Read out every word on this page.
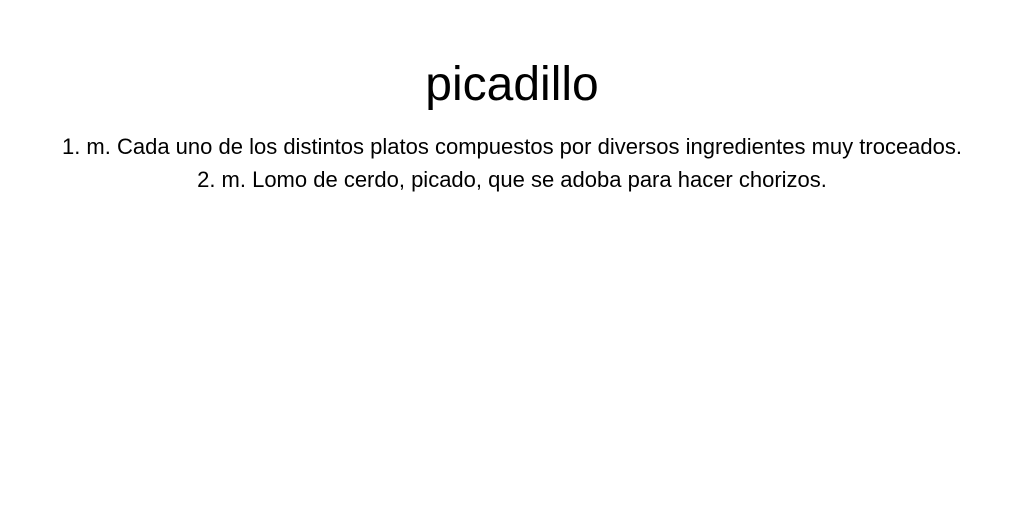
picadillo
1. m. Cada uno de los distintos platos compuestos por diversos ingredientes muy troceados.
2. m. Lomo de cerdo, picado, que se adoba para hacer chorizos.
